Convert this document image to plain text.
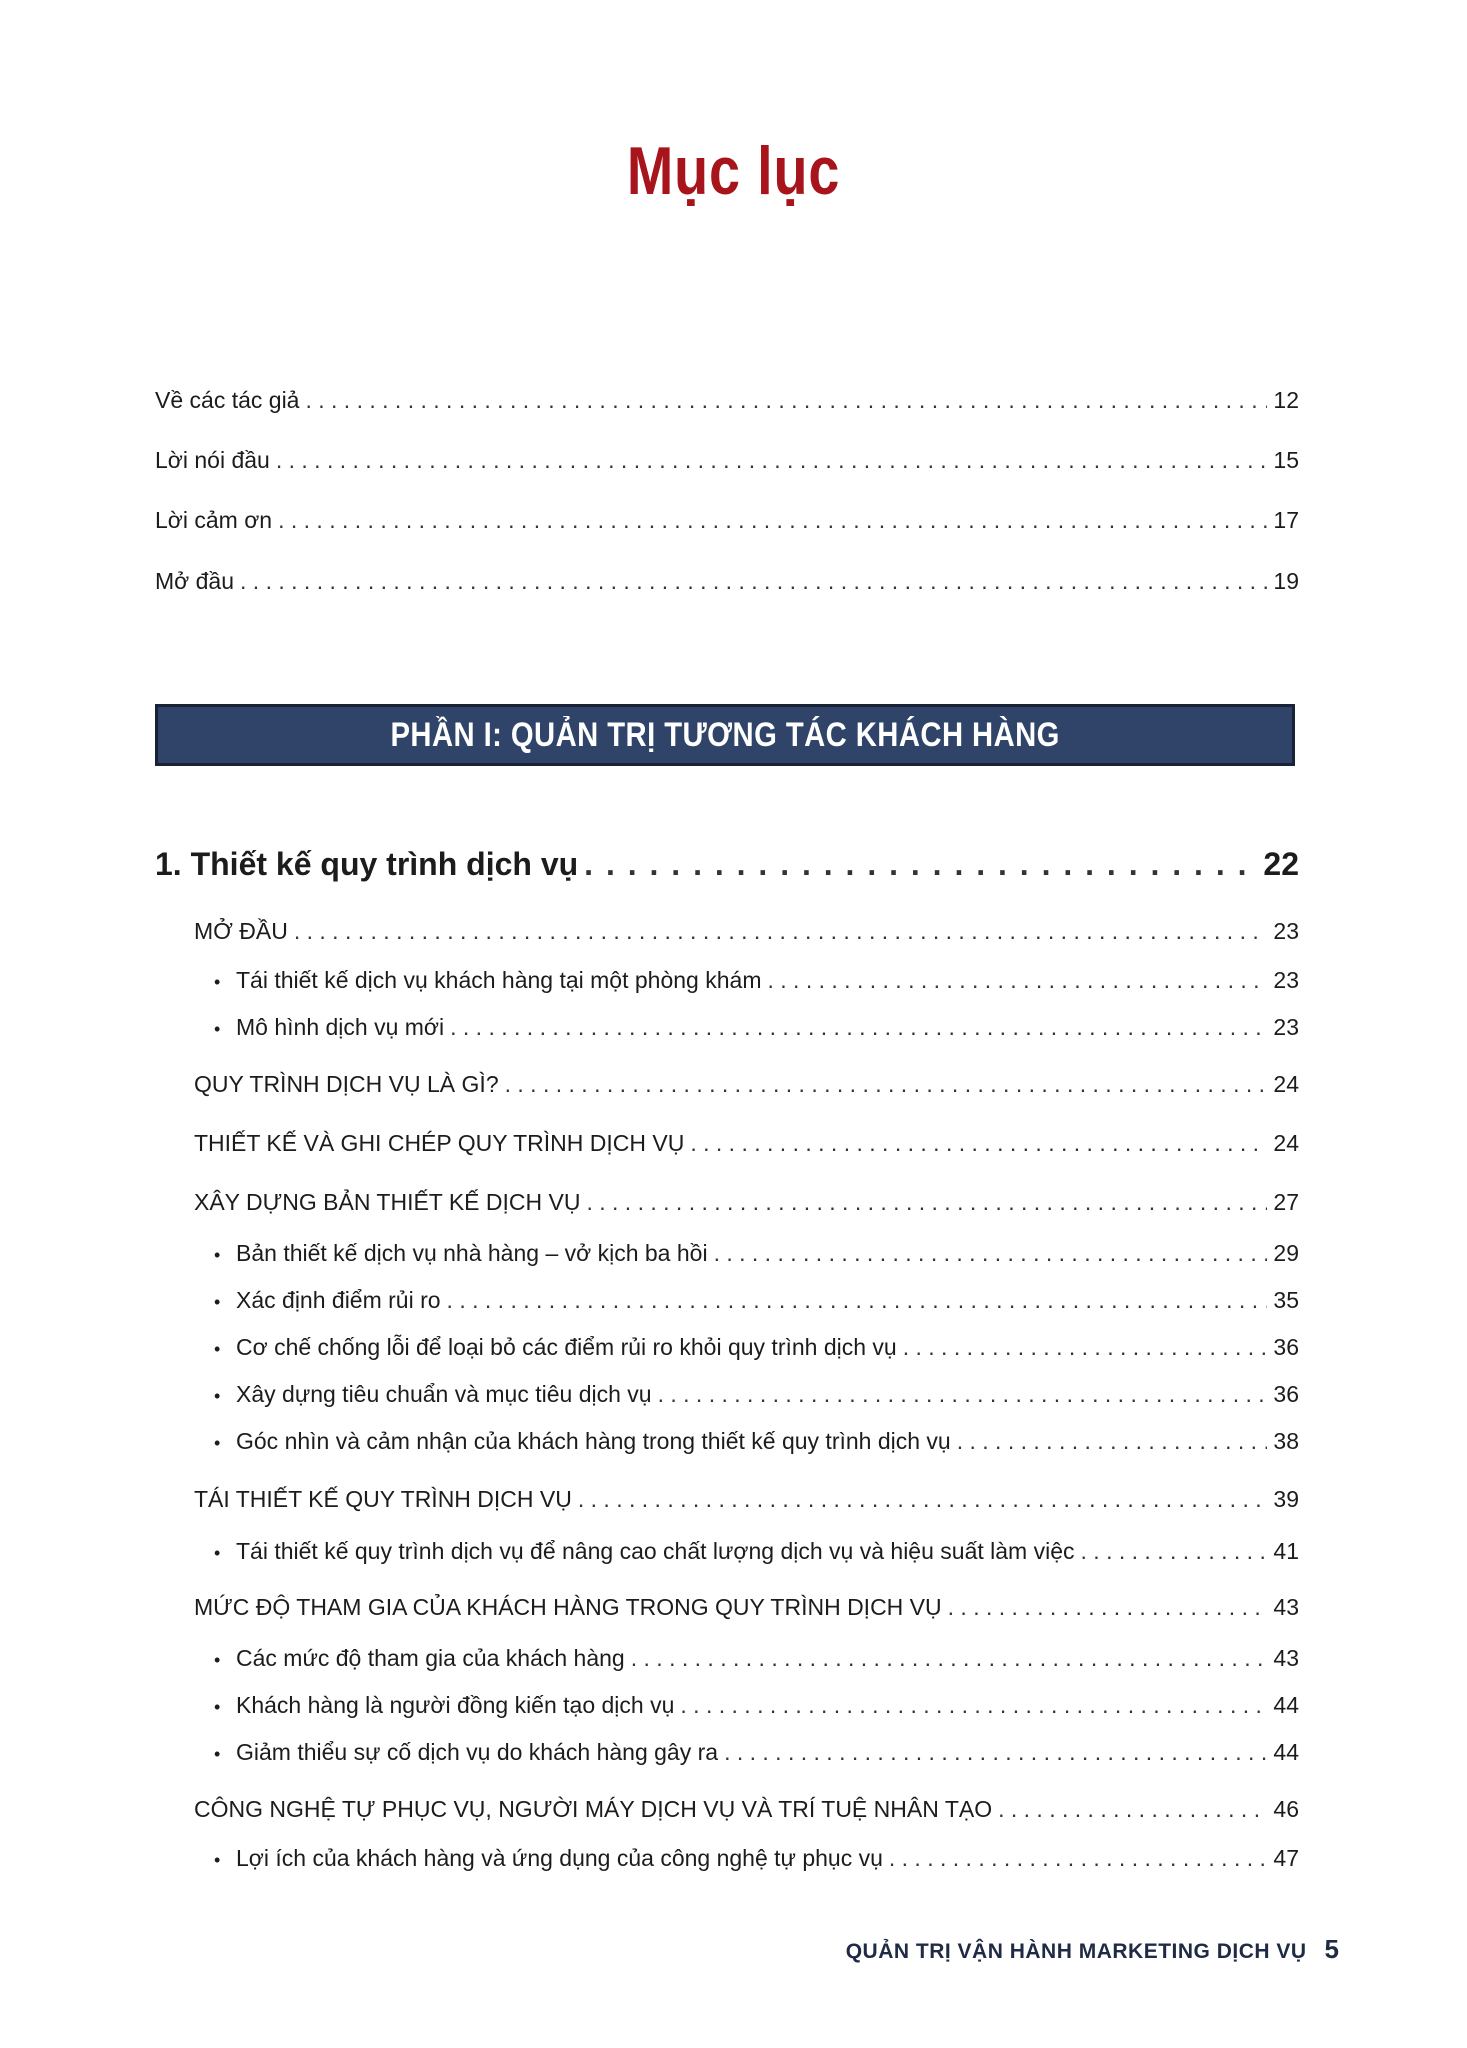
Mục lục
Về các tác giả . . .	12
Lời nói đầu . . .	15
Lời cảm ơn . . .	17
Mở đầu . . .	19
PHẦN I: QUẢN TRỊ TƯƠNG TÁC KHÁCH HÀNG
1. Thiết kế quy trình dịch vụ . . .	22
MỞ ĐẦU . . .	23
• Tái thiết kế dịch vụ khách hàng tại một phòng khám . . .	23
• Mô hình dịch vụ mới . . .	23
QUY TRÌNH DỊCH VỤ LÀ GÌ? . . .	24
THIẾT KẾ VÀ GHI CHÉP QUY TRÌNH DỊCH VỤ . . .	24
XÂY DỰNG BẢN THIẾT KẾ DỊCH VỤ . . .	27
• Bản thiết kế dịch vụ nhà hàng – vở kịch ba hồi . . .	29
• Xác định điểm rủi ro . . .	35
• Cơ chế chống lỗi để loại bỏ các điểm rủi ro khỏi quy trình dịch vụ . . .	36
• Xây dựng tiêu chuẩn và mục tiêu dịch vụ . . .	36
• Góc nhìn và cảm nhận của khách hàng trong thiết kế quy trình dịch vụ . . .	38
TÁI THIẾT KẾ QUY TRÌNH DỊCH VỤ . . .	39
• Tái thiết kế quy trình dịch vụ để nâng cao chất lượng dịch vụ và hiệu suất làm việc . . .	41
MỨC ĐỘ THAM GIA CỦA KHÁCH HÀNG TRONG QUY TRÌNH DỊCH VỤ . . .	43
• Các mức độ tham gia của khách hàng . . .	43
• Khách hàng là người đồng kiến tạo dịch vụ . . .	44
• Giảm thiểu sự cố dịch vụ do khách hàng gây ra . . .	44
CÔNG NGHỆ TỰ PHỤC VỤ, NGƯỜI MÁY DỊCH VỤ VÀ TRÍ TUỆ NHÂN TẠO . . .	46
• Lợi ích của khách hàng và ứng dụng của công nghệ tự phục vụ . . .	47
QUẢN TRỊ VẬN HÀNH MARKETING DỊCH VỤ 5
